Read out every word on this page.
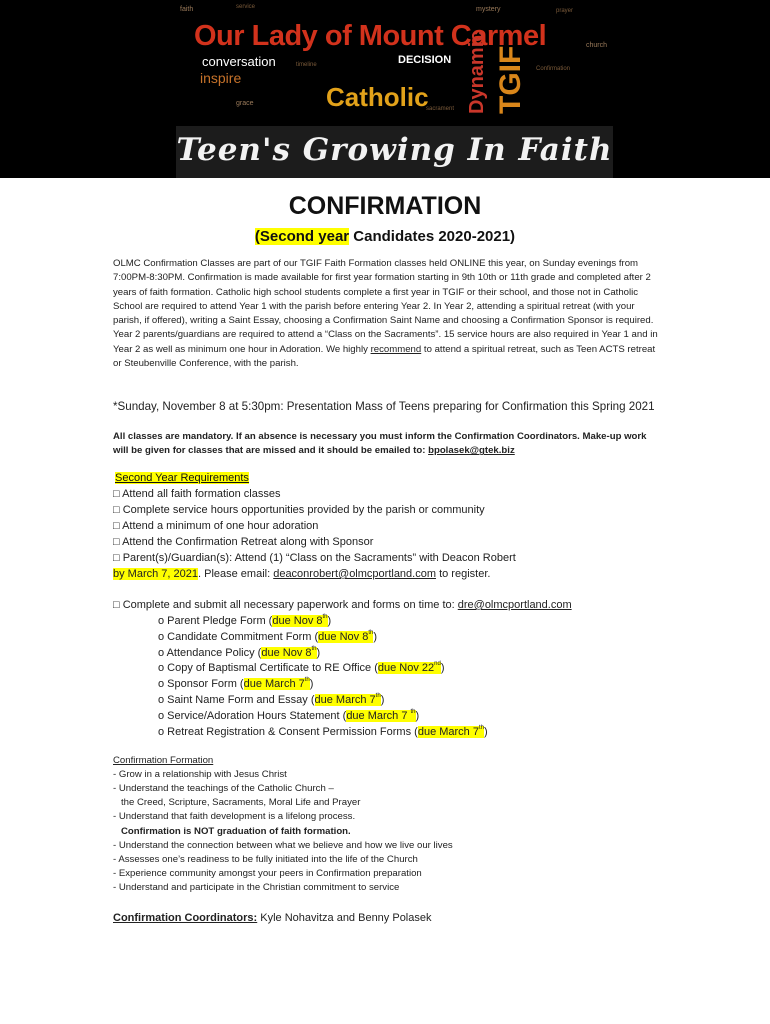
faith	service	mystery	prayer
church
timeline
Confirmation
grace
sacrament
Our Lady of Mount Carmel
conversation
inspire
DECISION
Catholic Dynamic TGIF
Teen's Growing In Faith
CONFIRMATION
(Second year Candidates 2020-2021)
OLMC Confirmation Classes are part of our TGIF Faith Formation classes held ONLINE this year, on Sunday evenings from 7:00PM-8:30PM. Confirmation is made available for first year formation starting in 9th 10th or 11th grade and completed after 2 years of faith formation. Catholic high school students complete a first year in TGIF or their school, and those not in Catholic School are required to attend Year 1 with the parish before entering Year 2. In Year 2, attending a spiritual retreat (with your parish, if offered), writing a Saint Essay, choosing a Confirmation Saint Name and choosing a Confirmation Sponsor is required. Year 2 parents/guardians are required to attend a “Class on the Sacraments”. 15 service hours are also required in Year 1 and in Year 2 as well as minimum one hour in Adoration. We highly recommend to attend a spiritual retreat, such as Teen ACTS retreat or Steubenville Conference, with the parish.
*Sunday, November 8 at 5:30pm: Presentation Mass of Teens preparing for Confirmation this Spring 2021
All classes are mandatory. If an absence is necessary you must inform the Confirmation Coordinators. Make-up work will be given for classes that are missed and it should be emailed to: bpolasek@gtek.biz
Second Year Requirements
□ Attend all faith formation classes
□ Complete service hours opportunities provided by the parish or community
□ Attend a minimum of one hour adoration
□ Attend the Confirmation Retreat along with Sponsor
□ Parent(s)/Guardian(s): Attend (1) “Class on the Sacraments” with Deacon Robert
by March 7, 2021. Please email: deaconrobert@olmcportland.com to register.
□ Complete and submit all necessary paperwork and forms on time to: dre@olmcportland.com
o Parent Pledge Form (due Nov 8th)
o Candidate Commitment Form (due Nov 8th)
o Attendance Policy (due Nov 8th)
o Copy of Baptismal Certificate to RE Office (due Nov 22nd)
o Sponsor Form (due March 7th)
o Saint Name Form and Essay (due March 7th)
o Service/Adoration Hours Statement (due March 7 $^{th}$)
o Retreat Registration & Consent Permission Forms (due March 7th)
Confirmation Formation
- Grow in a relationship with Jesus Christ
- Understand the teachings of the Catholic Church –
the Creed, Scripture, Sacraments, Moral Life and Prayer
- Understand that faith development is a lifelong process.
Confirmation is NOT graduation of faith formation.
- Understand the connection between what we believe and how we live our lives
- Assesses one’s readiness to be fully initiated into the life of the Church
- Experience community amongst your peers in Confirmation preparation
- Understand and participate in the Christian commitment to service
Confirmation Coordinators: Kyle Nohavitza and Benny Polasek
